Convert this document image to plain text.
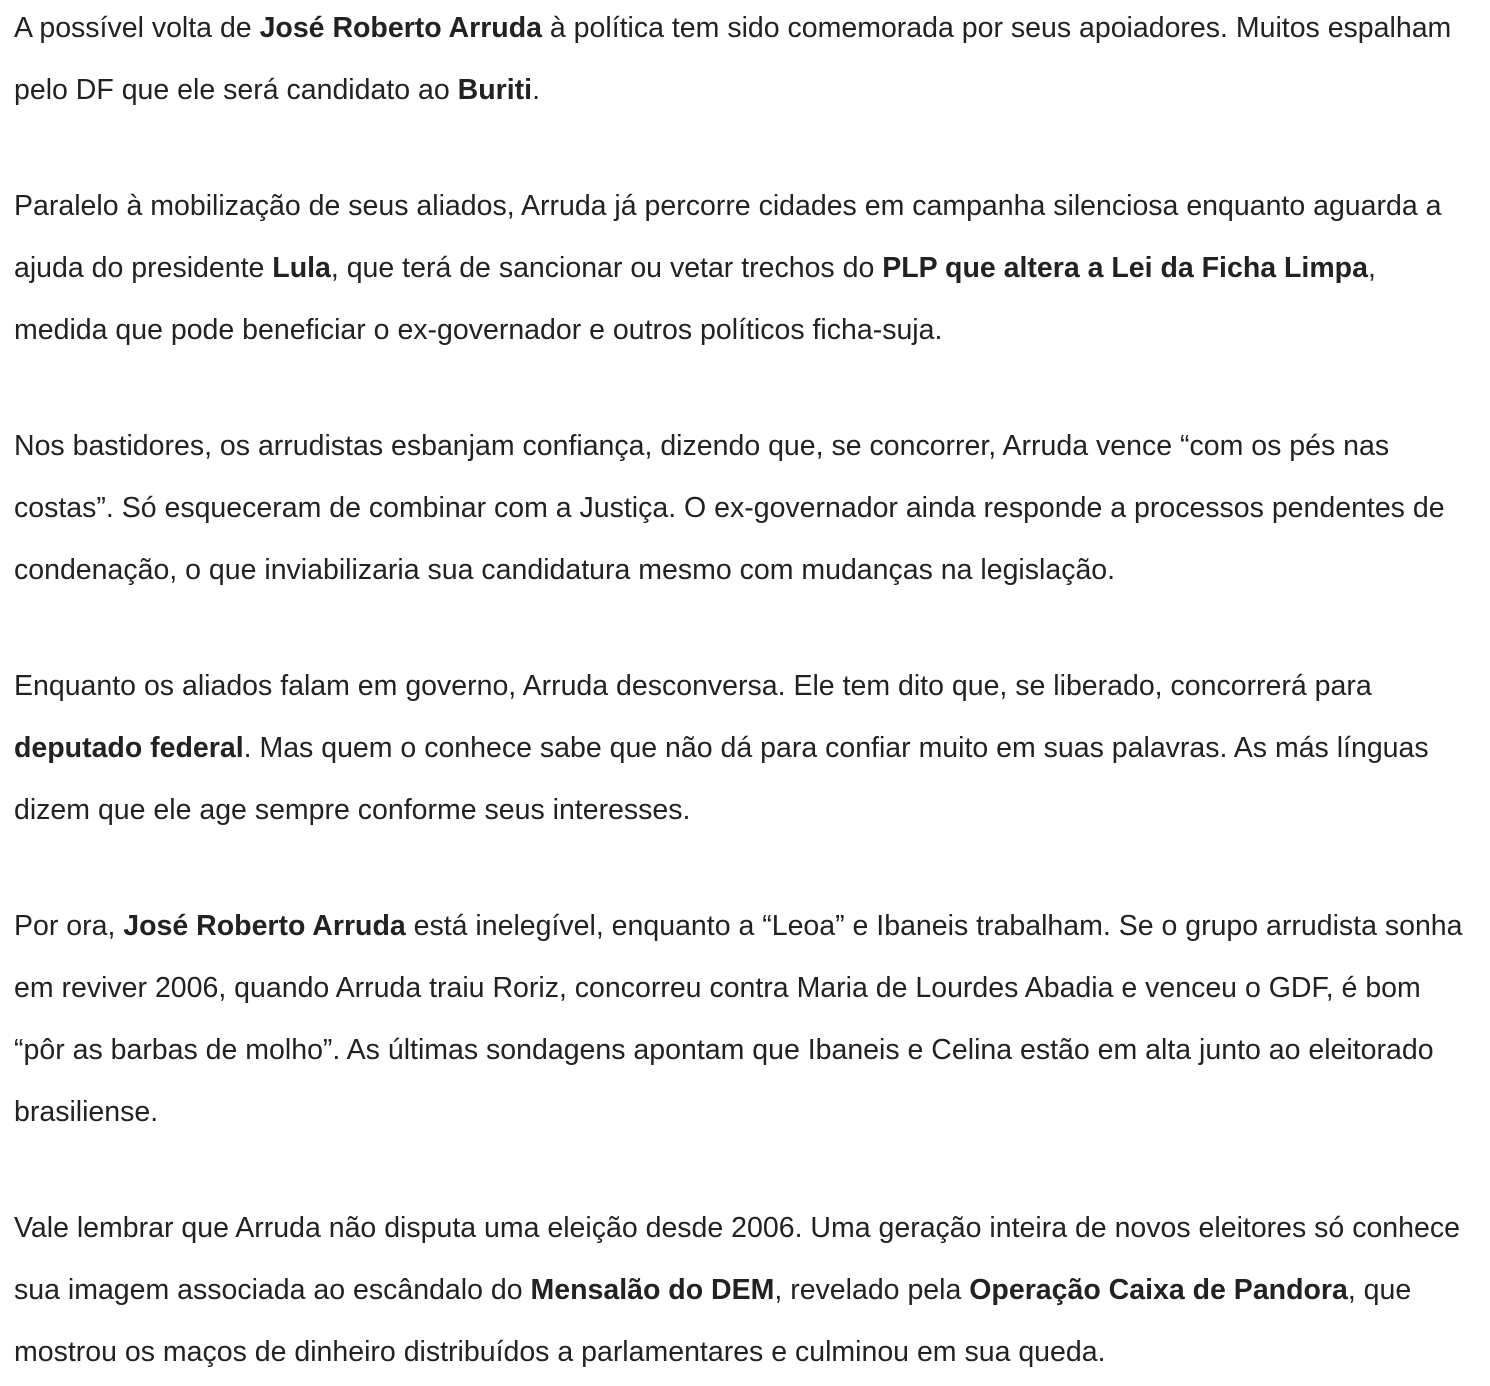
A possível volta de José Roberto Arruda à política tem sido comemorada por seus apoiadores. Muitos espalham pelo DF que ele será candidato ao Buriti.

Paralelo à mobilização de seus aliados, Arruda já percorre cidades em campanha silenciosa enquanto aguarda a ajuda do presidente Lula, que terá de sancionar ou vetar trechos do PLP que altera a Lei da Ficha Limpa, medida que pode beneficiar o ex-governador e outros políticos ficha-suja.

Nos bastidores, os arrudistas esbanjam confiança, dizendo que, se concorrer, Arruda vence “com os pés nas costas”. Só esqueceram de combinar com a Justiça. O ex-governador ainda responde a processos pendentes de condenação, o que inviabilizaria sua candidatura mesmo com mudanças na legislação.

Enquanto os aliados falam em governo, Arruda desconversa. Ele tem dito que, se liberado, concorrerá para deputado federal. Mas quem o conhece sabe que não dá para confiar muito em suas palavras. As más línguas dizem que ele age sempre conforme seus interesses.

Por ora, José Roberto Arruda está inelegível, enquanto a “Leoa” e Ibaneis trabalham. Se o grupo arrudista sonha em reviver 2006, quando Arruda traiu Roriz, concorreu contra Maria de Lourdes Abadia e venceu o GDF, é bom “pôr as barbas de molho”. As últimas sondagens apontam que Ibaneis e Celina estão em alta junto ao eleitorado brasiliense.

Vale lembrar que Arruda não disputa uma eleição desde 2006. Uma geração inteira de novos eleitores só conhece sua imagem associada ao escândalo do Mensalão do DEM, revelado pela Operação Caixa de Pandora, que mostrou os maços de dinheiro distribuídos a parlamentares e culminou em sua queda.
